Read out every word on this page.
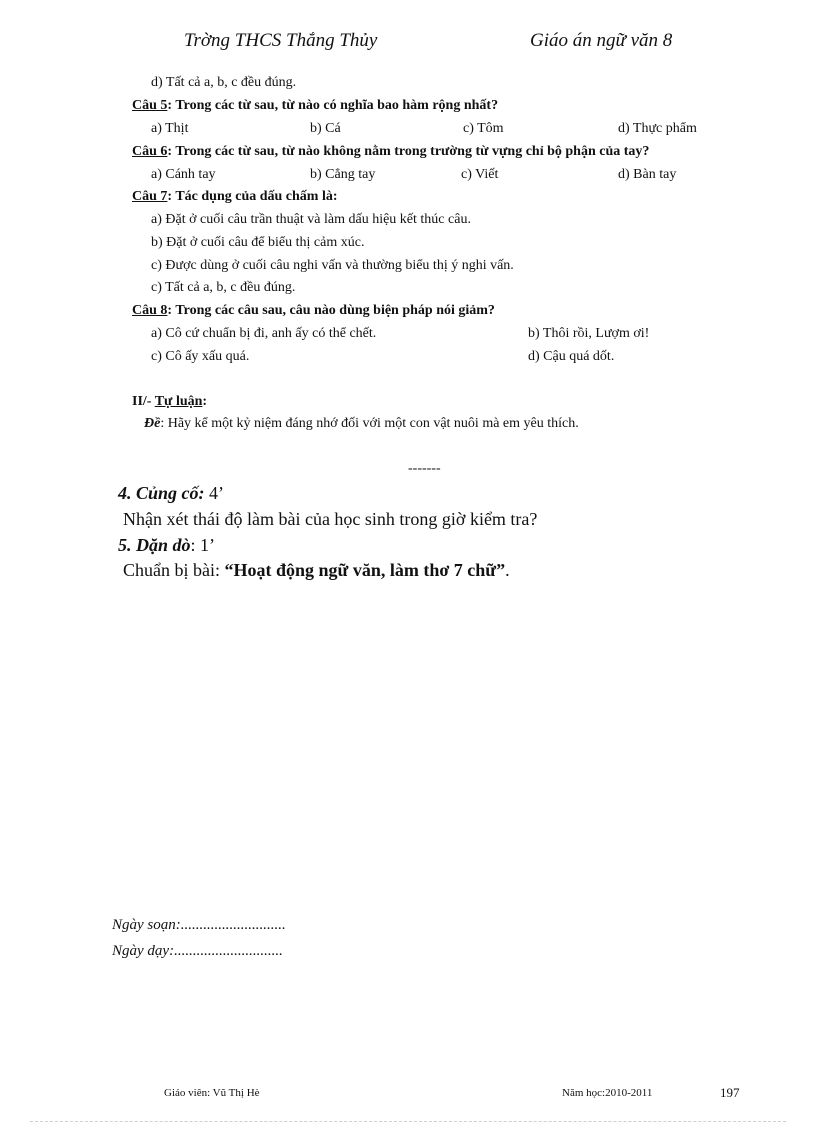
Trờng THCS Thắng Thủy	Giáo án ngữ văn 8
d) Tất cả a, b, c đều đúng.
Câu 5: Trong các từ sau, từ nào có nghĩa bao hàm rộng nhất?
a) Thịt	b) Cá	c) Tôm	d) Thực phẩm
Câu 6: Trong các từ sau, từ nào không nằm trong trường từ vựng chỉ bộ phận của tay?
a) Cánh tay	b) Cẳng tay	c) Viết	d) Bàn tay
Câu 7: Tác dụng của dấu chấm là:
a) Đặt ở cuối câu trần thuật và làm dấu hiệu kết thúc câu.
b) Đặt ở cuối câu để biểu thị cảm xúc.
c) Được dùng ở cuối câu nghi vấn và thường biểu thị ý nghi vấn.
c) Tất cả a, b, c đều đúng.
Câu 8: Trong các câu sau, câu nào dùng biện pháp nói giảm?
a) Cô cứ chuẩn bị đi, anh ấy có thể chết.	b) Thôi rồi, Lượm ơi!
c) Cô ấy xấu quá.	d) Cậu quá dốt.
II/- Tự luận:
Đề: Hãy kể một kỷ niệm đáng nhớ đối với một con vật nuôi mà em yêu thích.
-------
4. Củng cố: 4’
Nhận xét thái độ làm bài của học sinh trong giờ kiểm tra?
5. Dặn dò: 1’
Chuẩn bị bài: “Hoạt động ngữ văn, làm thơ 7 chữ”.
Ngày soạn:............................
Ngày dạy:.............................
Giáo viên: Vũ Thị Hè	Năm học:2010-2011	197
